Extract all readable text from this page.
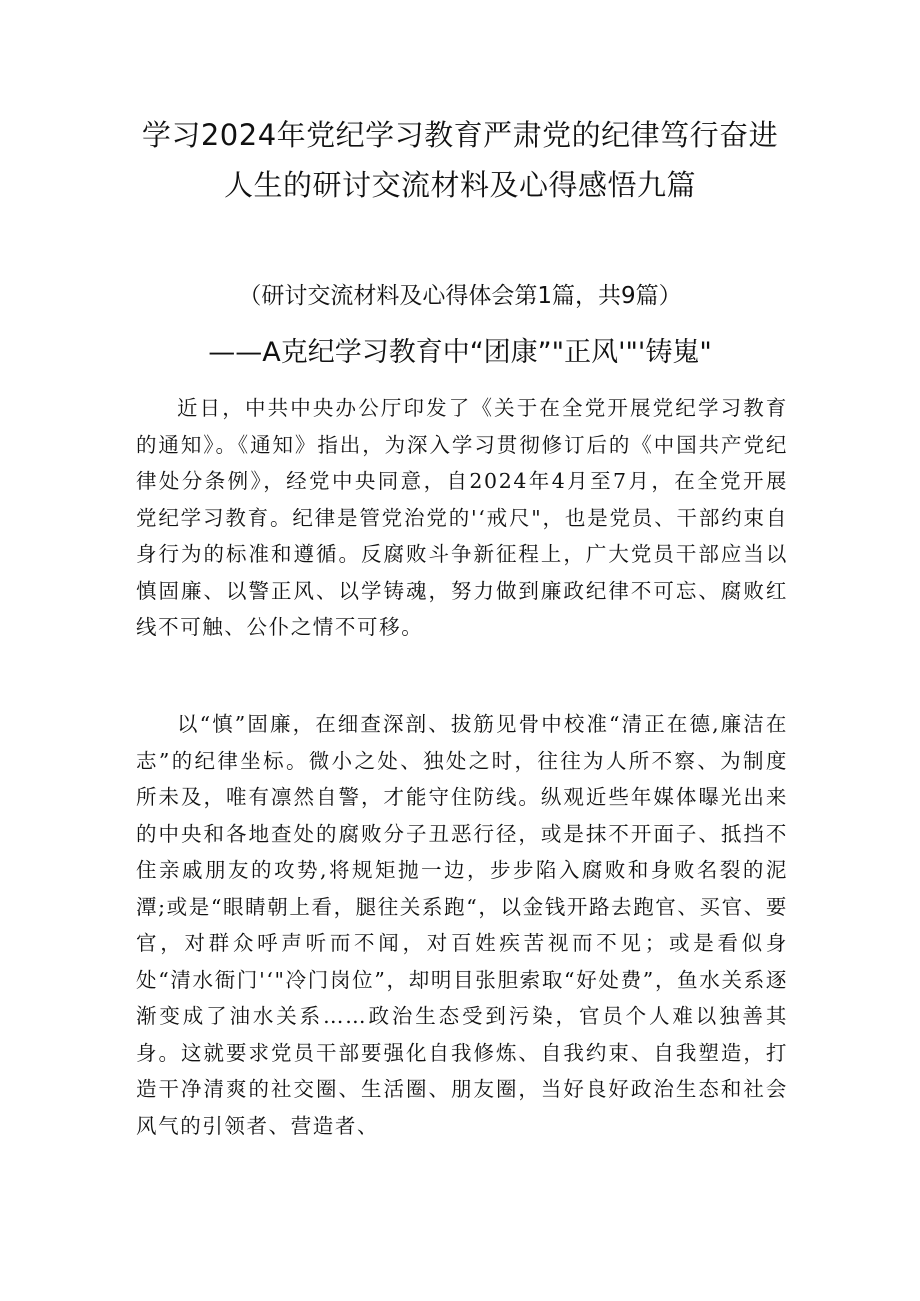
学习2024年党纪学习教育严肃党的纪律笃行奋进
人生的研讨交流材料及心得感悟九篇
（研讨交流材料及心得体会第1篇，共9篇）
——A克纪学习教育中“团康”"正风'"'铸嵬"

近日，中共中央办公厅印发了《关于在全党开展党纪学习教育的通知》。《通知》指出，为深入学习贯彻修订后的《中国共产党纪律处分条例》，经党中央同意，自2024年4月至7月，在全党开展党纪学习教育。纪律是管党治党的'‘戒尺"，也是党员、干部约束自身行为的标准和遵循。反腐败斗争新征程上，广大党员干部应当以慎固廉、以警正风、以学铸魂，努力做到廉政纪律不可忘、腐败红线不可触、公仆之情不可移。

以“慎”固廉，在细查深剖、拔筋见骨中校准“清正在德,廉洁在志”的纪律坐标。微小之处、独处之时，往往为人所不察、为制度所未及，唯有凛然自警，才能守住防线。纵观近些年媒体曝光出来的中央和各地查处的腐败分子丑恶行径，或是抹不开面子、抵挡不住亲戚朋友的攻势,将规矩抛一边，步步陷入腐败和身败名裂的泥潭;或是“眼睛朝上看，腿往关系跑“，以金钱开路去跑官、买官、要官，对群众呼声听而不闻，对百姓疾苦视而不见；或是看似身处“清水衙门'‘"冷门岗位”，却明目张胆索取“好处费”，鱼水关系逐渐变成了油水关系……政治生态受到污染，官员个人难以独善其身。这就要求党员干部要强化自我修炼、自我约束、自我塑造，打造干净清爽的社交圈、生活圈、朋友圈，当好良好政治生态和社会风气的引领者、营造者、
